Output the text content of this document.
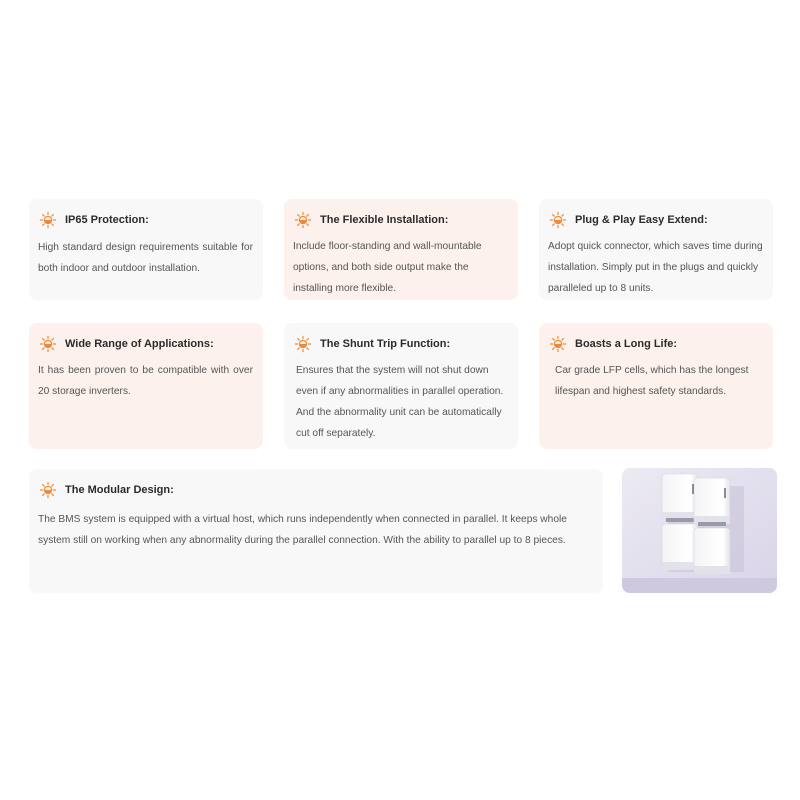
IP65 Protection:
High standard design requirements suitable for both indoor and outdoor installation.
The Flexible Installation:
Include floor-standing and wall-mountable options, and both side output make the installing more flexible.
Plug & Play Easy Extend:
Adopt quick connector, which saves time during installation. Simply put in the plugs and quickly paralleled up to 8 units.
Wide Range of Applications:
It has been proven to be compatible with over 20 storage inverters.
The Shunt Trip Function:
Ensures that the system will not shut down even if any abnormalities in parallel operation. And the abnormality unit can be automatically cut off separately.
Boasts a Long Life:
Car grade LFP cells, which has the longest lifespan and highest safety standards.
The Modular Design:
The BMS system is equipped with a virtual host, which runs independently when connected in parallel. It keeps whole system still on working when any abnormality during the parallel connection. With the ability to parallel up to 8 pieces.
